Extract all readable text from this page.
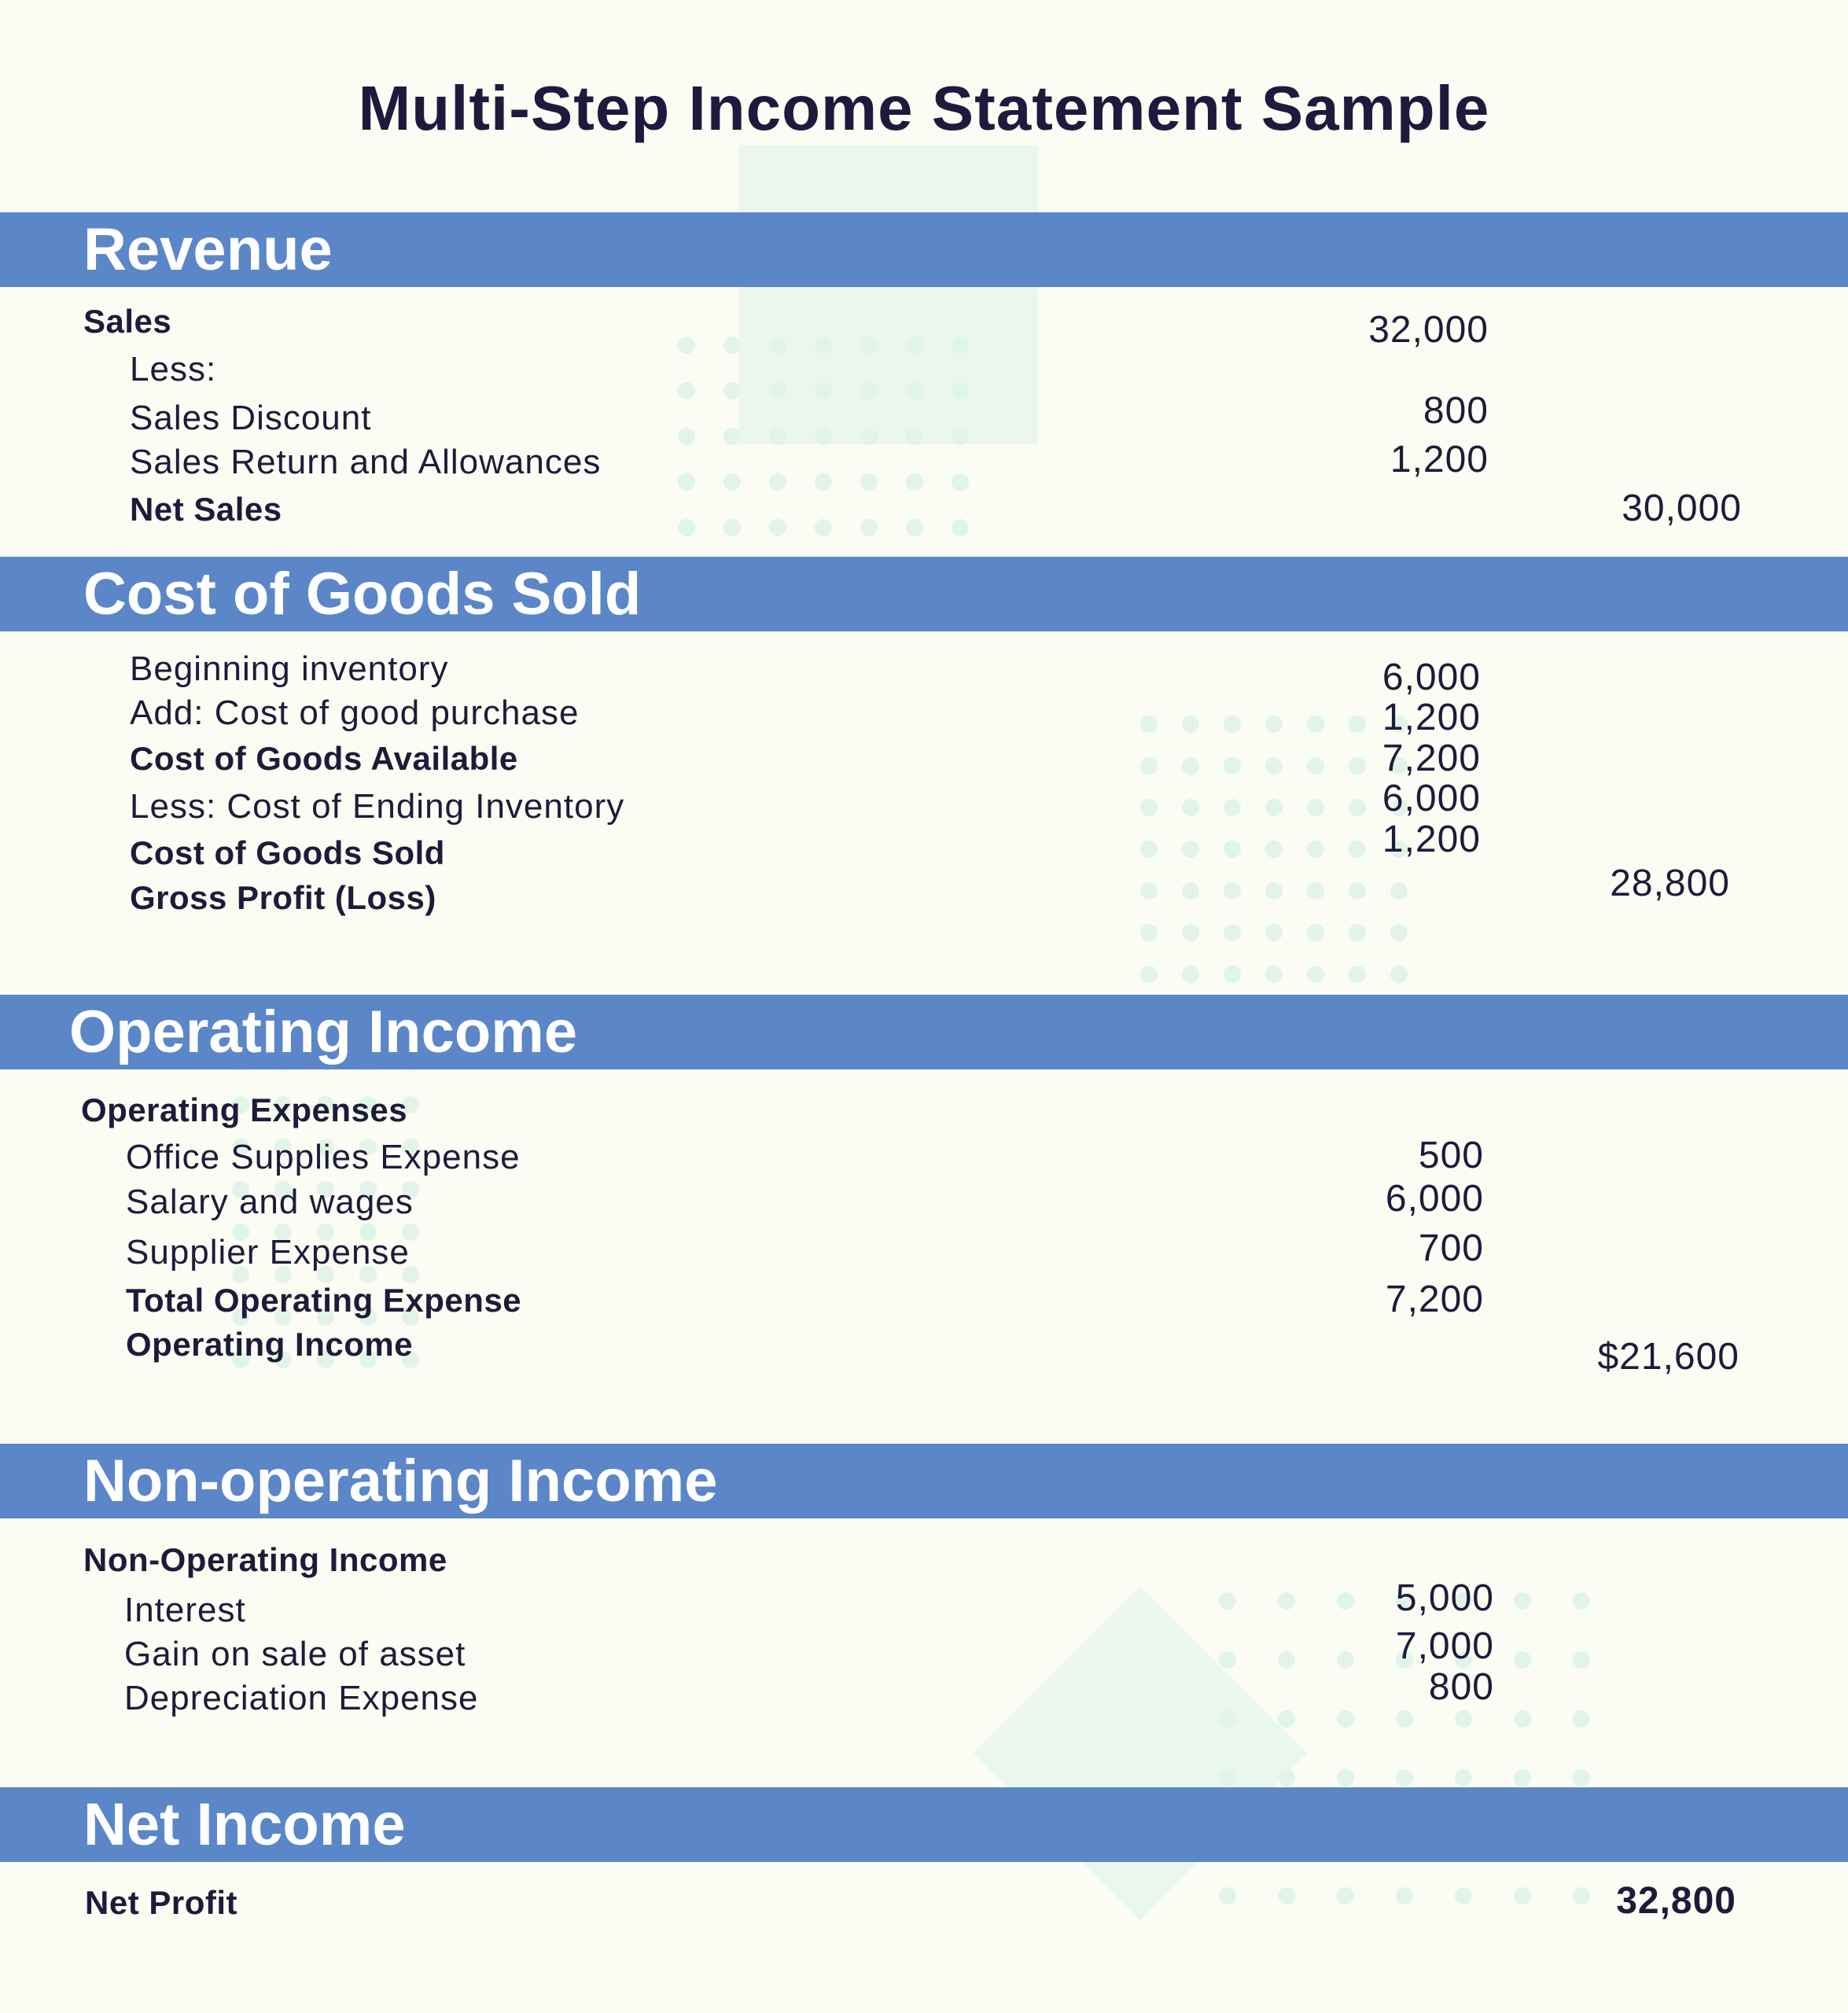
Multi-Step Income Statement Sample
Revenue
Sales	32,000
Less:
Sales Discount	800
Sales Return and Allowances	1,200
Net Sales	30,000
Cost of Goods Sold
Beginning inventory	6,000
Add: Cost of good purchase	1,200
Cost of Goods Available	7,200
Less: Cost of Ending Inventory	6,000
Cost of Goods Sold	1,200
Gross Profit (Loss)	28,800
Operating Income
Operating Expenses
Office Supplies Expense	500
Salary and wages	6,000
Supplier Expense	700
Total Operating Expense	7,200
Operating Income	$21,600
Non-operating Income
Non-Operating Income
Interest	5,000
Gain on sale of asset	7,000
Depreciation Expense	800
Net Income
Net Profit	32,800
